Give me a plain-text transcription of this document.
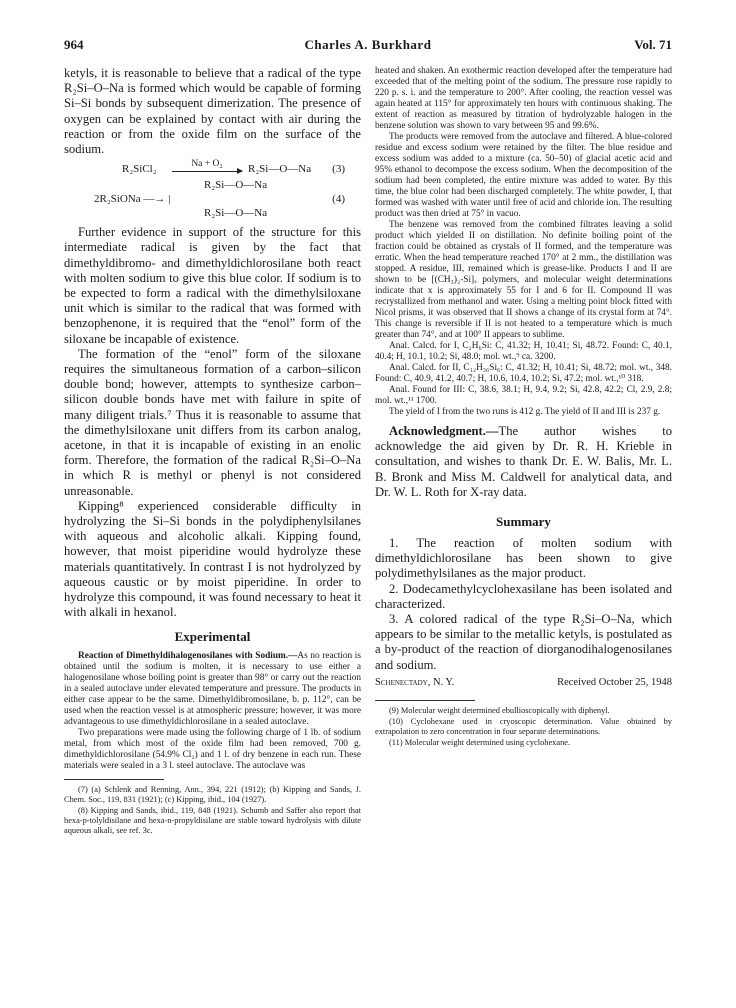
964	Charles A. Burkhard	Vol. 71

ketyls, it is reasonable to believe that a radical of the type R₂Si–O–Na is formed which would be capable of forming Si–Si bonds by subsequent dimerization. The presence of oxygen can be explained by contact with air during the reaction or from the oxide film on the surface of the sodium.

R₂SiCl₂	Na + O₂	R₂Si—O—Na (3)
R₂Si—O—Na
2R₂SiONa —→ |
R₂Si—O—Na
(4)

Further evidence in support of the structure for this intermediate radical is given by the fact that dimethyldibromo- and dimethyldichlorosilane both react with molten sodium to give this blue color. If sodium is to be expected to form a radical with the dimethylsiloxane unit which is similar to the radical that was formed with benzophenone, it is required that the “enol” form of the siloxane be incapable of existence.

The formation of the “enol” form of the siloxane requires the simultaneous formation of a carbon–silicon double bond; however, attempts to synthesize carbon–silicon double bonds have met with failure in spite of many diligent trials.⁷ Thus it is reasonable to assume that the dimethylsiloxane unit differs from its carbon analog, acetone, in that it is incapable of existing in an enolic form. Therefore, the formation of the radical R₂Si–O–Na in which R is methyl or phenyl is not considered unreasonable.

Kipping⁸ experienced considerable difficulty in hydrolyzing the Si–Si bonds in the polydiphenylsilanes with aqueous and alcoholic alkali. Kipping found, however, that moist piperidine would hydrolyze these materials quantitatively. In contrast I is not hydrolyzed by aqueous caustic or by moist piperidine. In order to hydrolyze this compound, it was found necessary to heat it with alkali in hexanol.

Experimental

Reaction of Dimethyldihalogenosilanes with Sodium.—As no reaction is obtained until the sodium is molten, it is necessary to use either a halogenosilane whose boiling point is greater than 98° or carry out the reaction in a sealed autoclave under elevated temperature and pressure. The products in either case appear to be the same. Dimethyldibromosilane, b. p. 112°, can be used when the reaction vessel is at atmospheric pressure; however, it was more advantageous to use dimethyldichlorosilane in a sealed autoclave.

Two preparations were made using the following charge of 1 lb. of sodium metal, from which most of the oxide film had been removed, 700 g. dimethyldichlorosilane (54.9% Cl₂) and 1 l. of dry benzene in each run. These materials were sealed in a 3 l. steel autoclave. The autoclave was

(7) (a) Schlenk and Renning, Ann., 394, 221 (1912); (b) Kipping and Sands, J. Chem. Soc., 119, 831 (1921); (c) Kipping, ibid., 104 (1927).

(8) Kipping and Sands, ibid., 119, 848 (1921). Schumb and Saffer also report that hexa-p-tolyldisilane and hexa-n-propyldisilane are stable toward hydrolysis with dilute aqueous alkali, see ref. 3c.

heated and shaken. An exothermic reaction developed after the temperature had exceeded that of the melting point of the sodium. The pressure rose rapidly to 220 p. s. i. and the temperature to 200°. After cooling, the reaction vessel was again heated at 115° for approximately ten hours with continuous shaking. The extent of reaction as measured by titration of hydrolyzable halogen in the benzene solution was shown to vary between 95 and 99.6%.

The products were removed from the autoclave and filtered. A blue-colored residue and excess sodium were retained by the filter. The blue residue and excess sodium was added to a mixture (ca. 50–50) of glacial acetic acid and 95% ethanol to decompose the excess sodium. When the decomposition of the sodium had been completed, the entire mixture was added to water. By this time, the blue color had been discharged completely. The white powder, I, that formed was washed with water until free of acid and chloride ion. The resulting product was then dried at 75° in vacuo.

The benzene was removed from the combined filtrates leaving a solid product which yielded II on distillation. No definite boiling point of the fraction could be obtained as crystals of II formed, and the temperature was erratic. When the head temperature reached 170° at 2 mm., the distillation was stopped. A residue, III, remained which is grease-like. Products I and II are shown to be [(CH₃)₂-Si]ₓ polymers, and molecular weight determinations indicate that x is approximately 55 for I and 6 for II. Compound II was recrystallized from methanol and water. Using a melting point block fitted with Nicol prisms, it was observed that II shows a change of its crystal form at 74°. This change is reversible if II is not heated to a temperature which is much greater than 74°, and at 100° II appears to sublime.

Anal. Calcd. for I, C₂H₆Si: C, 41.32; H, 10.41; Si, 48.72. Found: C, 40.1, 40.4; H, 10.1, 10.2; Si, 48.0; mol. wt.,⁹ ca. 3200.

Anal. Calcd. for II, C₁₂H₃₆Si₆: C, 41.32; H, 10.41; Si, 48.72; mol. wt., 348. Found: C, 40.9, 41.2, 40.7; H, 10.6, 10.4, 10.2; Si, 47.2; mol. wt.,¹⁰ 318.

Anal. Found for III: C, 38.6, 38.1; H, 9.4, 9.2; Si, 42.8, 42.2; Cl, 2.9, 2.8; mol. wt.,¹¹ 1700.

The yield of I from the two runs is 412 g. The yield of II and III is 237 g.

Acknowledgment.—The author wishes to acknowledge the aid given by Dr. R. H. Krieble in consultation, and wishes to thank Dr. E. W. Balis, Mr. L. B. Bronk and Miss M. Caldwell for analytical data, and Dr. W. L. Roth for X-ray data.

Summary

1. The reaction of molten sodium with dimethyldichlorosilane has been shown to give polydimethylsilanes as the major product.

2. Dodecamethylcyclohexasilane has been isolated and characterized.

3. A colored radical of the type R₂Si–O–Na, which appears to be similar to the metallic ketyls, is postulated as a by-product of the reaction of diorganodihalogenosilanes and sodium.

Schenectady, N. Y.	Received October 25, 1948

(9) Molecular weight determined ebullioscopically with diphenyl.

(10) Cyclohexane used in cryoscopic determination. Value obtained by extrapolation to zero concentration in four separate determinations.

(11) Molecular weight determined using cyclohexane.
